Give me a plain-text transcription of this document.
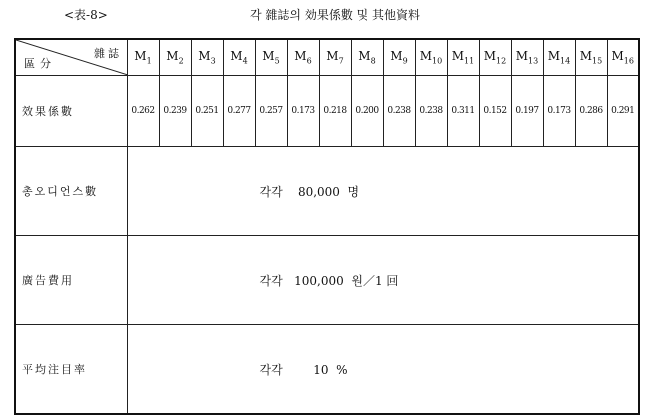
<表-8>	각 雜誌의 効果係數 및 其他資料
雜誌
區分	$M_1$	$M_2$	$M_3$	$M_4$	$M_5$	$M_6$	$M_7$	$M_8$	$M_9$	$M_{10}$	$M_{11}$	$M_{12}$	$M_{13}$	$M_{14}$	$M_{15}$	$M_{16}$
效果係數	0.262	0.239	0.251	0.277	0.257	0.173	0.218	0.200	0.238	0.238	0.311	0.152	0.197	0.173	0.286	0.291
총오디언스數	각각    80,000  명															
廣告費用	각각   100,000  원／1 回															
平均注目率	각각        10  %															
